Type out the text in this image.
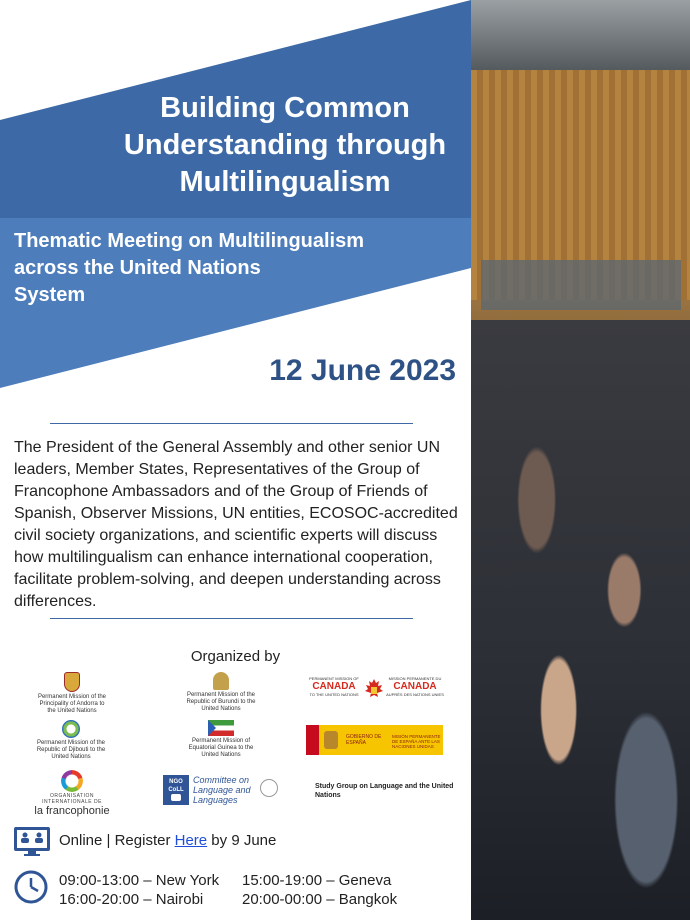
Building Common
Understanding through
Multilingualism
Thematic Meeting on Multilingualism
across the United Nations
System
12 June 2023
The President of the General Assembly and other senior UN leaders, Member States, Representatives of the Group of Francophone Ambassadors and of the Group of Friends of Spanish, Observer Missions, UN entities, ECOSOC-accredited civil society organizations, and scientific experts will discuss how multilingualism can enhance international cooperation, facilitate problem-solving, and deepen understanding across differences.
Organized by
Permanent Mission of the Principality of Andorra to the United Nations
Permanent Mission of the Republic of Burundi to the United Nations
PERMANENT MISSION OF
CANADA
TO THE UNITED NATIONS
MISSION PERMANENTE DU
CANADA
AUPRÈS DES NATIONS UNIES
Permanent Mission of the Republic of Djibouti to the United Nations
Permanent Mission of Equatorial Guinea to the United Nations
GOBIERNO DE ESPAÑA
MISIÓN PERMANENTE DE ESPAÑA ANTE LAS NACIONES UNIDAS
ORGANISATION INTERNATIONALE DE
la francophonie
NGO CoLL
Committee on Language and Languages
Study Group on Language and the United Nations
Online | Register Here by 9 June
09:00-13:00 – New York 15:00-19:00 – Geneva
16:00-20:00 – Nairobi	20:00-00:00 – Bangkok
